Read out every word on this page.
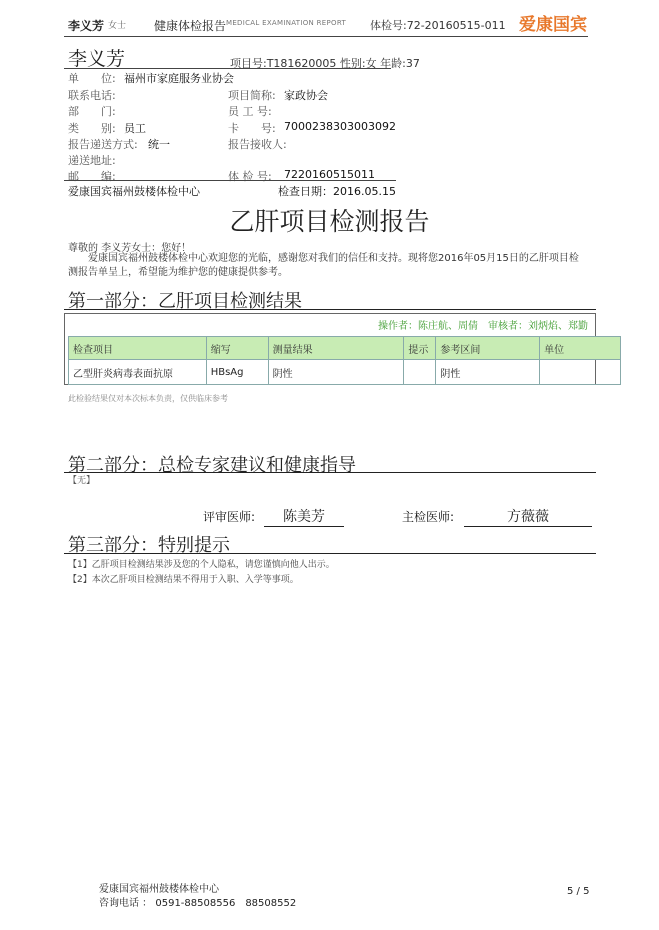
李义芳 女士 健康体检报告 MEDICAL EXAMINATION REPORT 体检号:72-20160515-011 爱康国宾
李义芳	项目号:T181620005 性别:女 年龄:37
单　　位: 福州市家庭服务业协会
联系电话:	项目简称: 家政协会
部　　门:	员 工 号:
类　　别: 员工	卡　　号: 7000238303003092
报告递送方式: 统一	报告接收人:
递送地址:
邮　　编:	体 检 号: 7220160515011
爱康国宾福州鼓楼体检中心	检查日期：2016.05.15
乙肝项目检测报告
尊敬的 李义芳女士：您好！
爱康国宾福州鼓楼体检中心欢迎您的光临，感谢您对我们的信任和支持。现将您2016年05月15日的乙肝项目检测报告单呈上，希望能为维护您的健康提供参考。
第一部分：乙肝项目检测结果
操作者：陈庄航、周倩　审核者：刘炳焰、郑勤
检查项目	缩写	测量结果	提示	参考区间	单位
乙型肝炎病毒表面抗原	HBsAg	阴性		阴性	
此检验结果仅对本次标本负责，仅供临床参考
第二部分：总检专家建议和健康指导
【无】
评审医师:	陈美芳	主检医师:	方薇薇
第三部分：特别提示
【1】乙肝项目检测结果涉及您的个人隐私，请您谨慎向他人出示。
【2】本次乙肝项目检测结果不得用于入职、入学等事项。
爱康国宾福州鼓楼体检中心
咨询电话 ： 0591-88508556　88508552
5 / 5
